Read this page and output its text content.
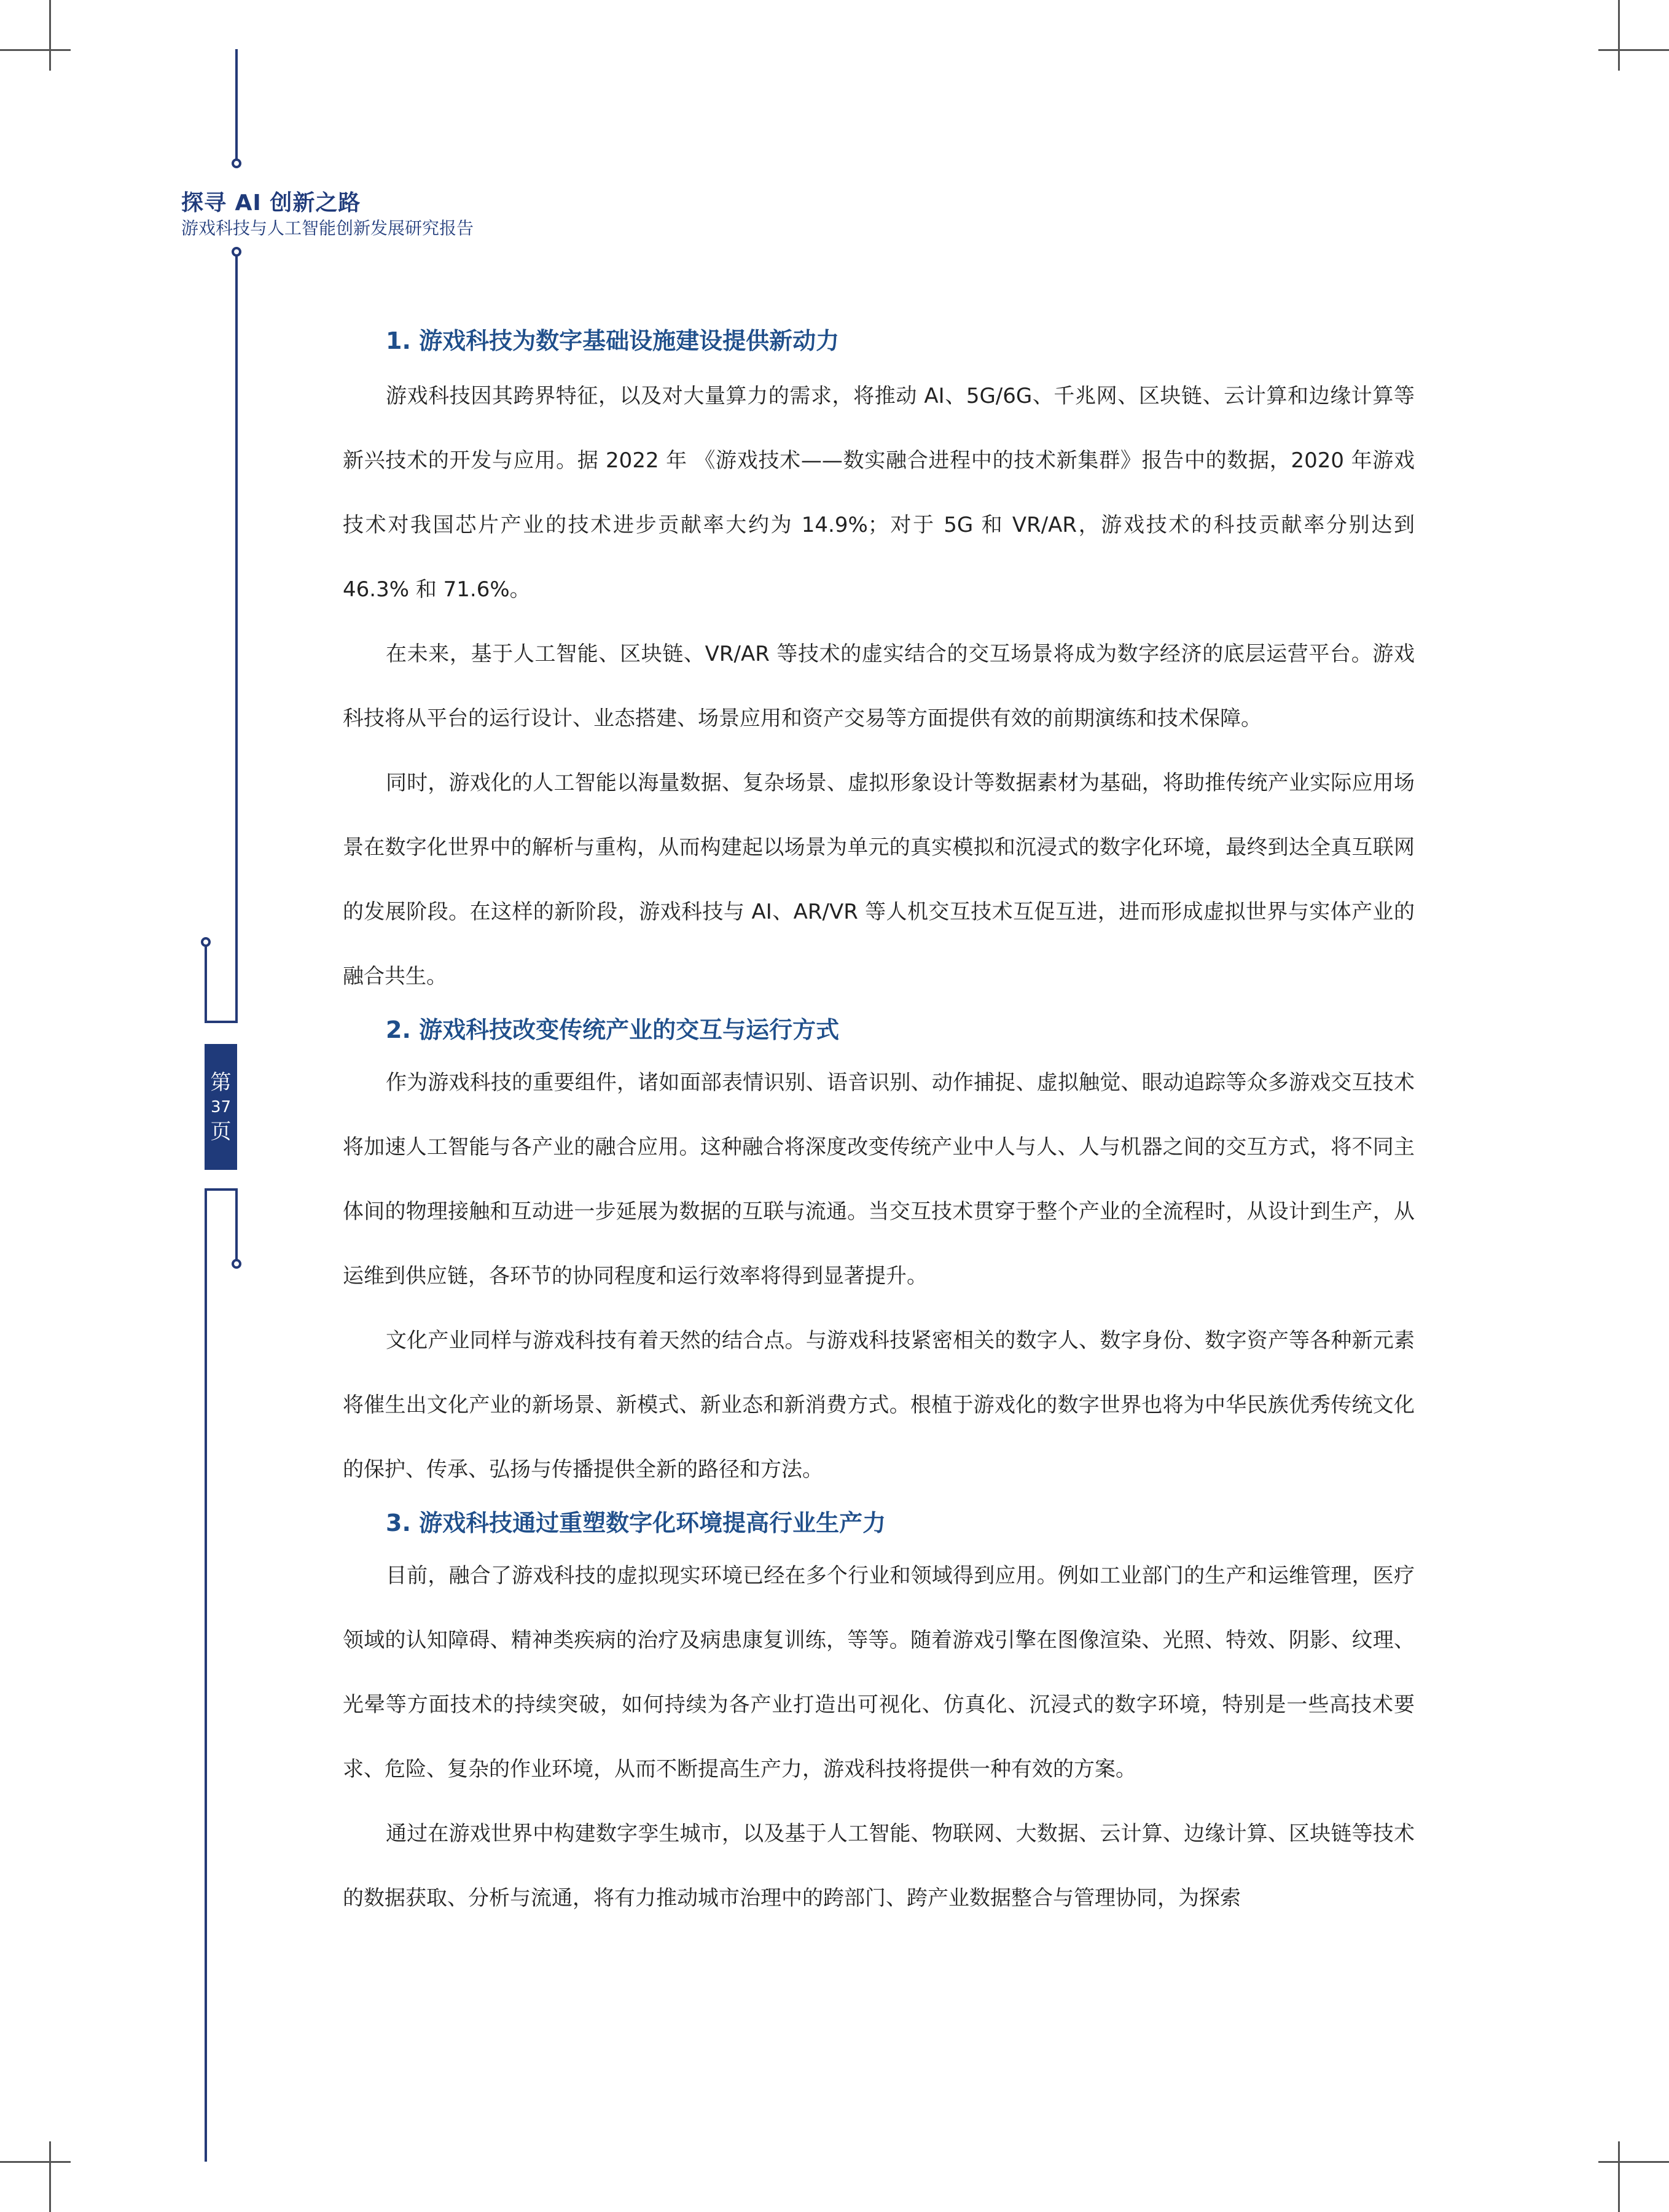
探寻 AI 创新之路
游戏科技与人工智能创新发展研究报告
第
37
页
1. 游戏科技为数字基础设施建设提供新动力

游戏科技因其跨界特征，以及对大量算力的需求，将推动 AI、5G/6G、千兆网、区块链、云计算和边缘计算等新兴技术的开发与应用。据 2022 年 《游戏技术——数实融合进程中的技术新集群》报告中的数据，2020 年游戏技术对我国芯片产业的技术进步贡献率大约为 14.9%；对于 5G 和 VR/AR，游戏技术的科技贡献率分别达到 46.3% 和 71.6%。

在未来，基于人工智能、区块链、VR/AR 等技术的虚实结合的交互场景将成为数字经济的底层运营平台。游戏科技将从平台的运行设计、业态搭建、场景应用和资产交易等方面提供有效的前期演练和技术保障。

同时，游戏化的人工智能以海量数据、复杂场景、虚拟形象设计等数据素材为基础，将助推传统产业实际应用场景在数字化世界中的解析与重构，从而构建起以场景为单元的真实模拟和沉浸式的数字化环境，最终到达全真互联网的发展阶段。在这样的新阶段，游戏科技与 AI、AR/VR 等人机交互技术互促互进，进而形成虚拟世界与实体产业的融合共生。

2. 游戏科技改变传统产业的交互与运行方式

作为游戏科技的重要组件，诸如面部表情识别、语音识别、动作捕捉、虚拟触觉、眼动追踪等众多游戏交互技术将加速人工智能与各产业的融合应用。这种融合将深度改变传统产业中人与人、人与机器之间的交互方式，将不同主体间的物理接触和互动进一步延展为数据的互联与流通。当交互技术贯穿于整个产业的全流程时，从设计到生产，从运维到供应链，各环节的协同程度和运行效率将得到显著提升。

文化产业同样与游戏科技有着天然的结合点。与游戏科技紧密相关的数字人、数字身份、数字资产等各种新元素将催生出文化产业的新场景、新模式、新业态和新消费方式。根植于游戏化的数字世界也将为中华民族优秀传统文化的保护、传承、弘扬与传播提供全新的路径和方法。

3. 游戏科技通过重塑数字化环境提高行业生产力

目前，融合了游戏科技的虚拟现实环境已经在多个行业和领域得到应用。例如工业部门的生产和运维管理，医疗领域的认知障碍、精神类疾病的治疗及病患康复训练，等等。随着游戏引擎在图像渲染、光照、特效、阴影、纹理、光晕等方面技术的持续突破，如何持续为各产业打造出可视化、仿真化、沉浸式的数字环境，特别是一些高技术要求、危险、复杂的作业环境，从而不断提高生产力，游戏科技将提供一种有效的方案。

通过在游戏世界中构建数字孪生城市，以及基于人工智能、物联网、大数据、云计算、边缘计算、区块链等技术的数据获取、分析与流通，将有力推动城市治理中的跨部门、跨产业数据整合与管理协同，为探索
